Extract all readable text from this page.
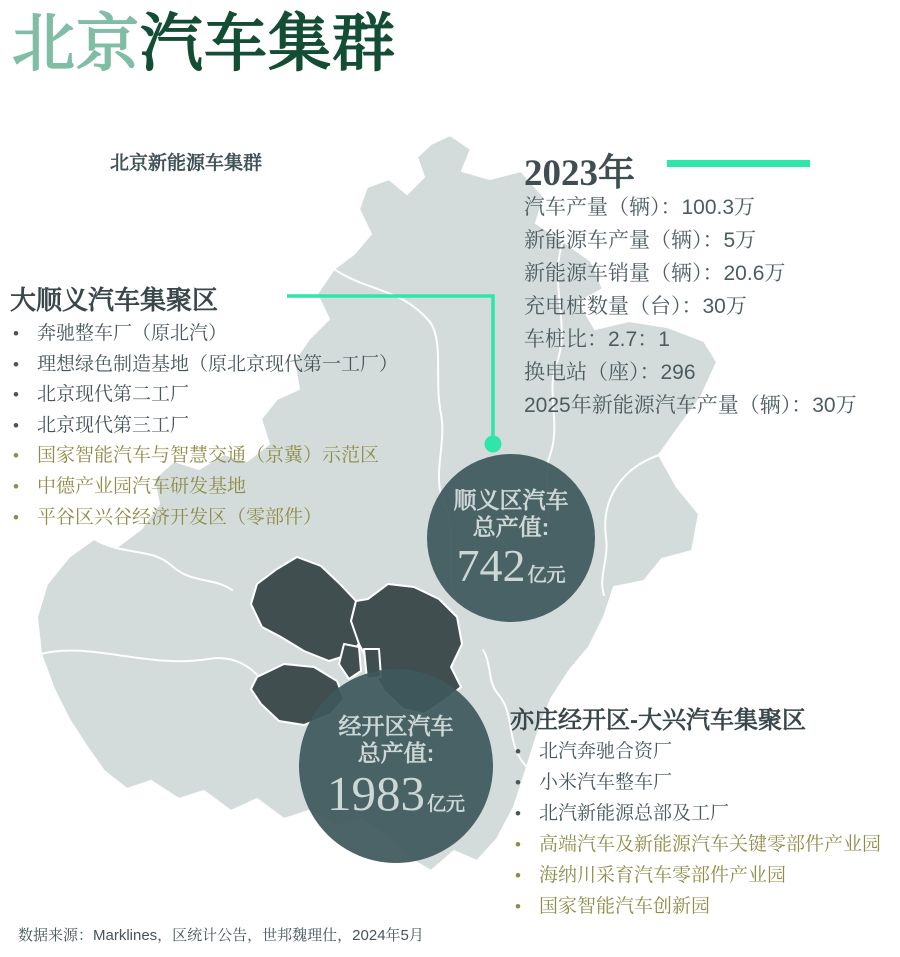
北京汽车集群
北京新能源车集群	2023年
汽车产量（辆）：100.3万
新能源车产量（辆）：5万
新能源车销量（辆）：20.6万
充电桩数量（台）：30万
车桩比：2.7：1
换电站（座）：296
2025年新能源汽车产量（辆）：30万
大顺义汽车集聚区
• 奔驰整车厂（原北汽）
• 理想绿色制造基地（原北京现代第一工厂）
• 北京现代第二工厂
• 北京现代第三工厂
• 国家智能汽车与智慧交通（京冀）示范区
• 中德产业园汽车研发基地
• 平谷区兴谷经济开发区（零部件）
亦庄经开区-大兴汽车集聚区
• 北汽奔驰合资厂
• 小米汽车整车厂
• 北汽新能源总部及工厂
• 高端汽车及新能源汽车关键零部件产业园
• 海纳川采育汽车零部件产业园
• 国家智能汽车创新园
顺义区汽车
总产值:
742 亿元
经开区汽车
总产值:
1983 亿元
数据来源：Marklines，区统计公告，世邦魏理仕，2024年5月
